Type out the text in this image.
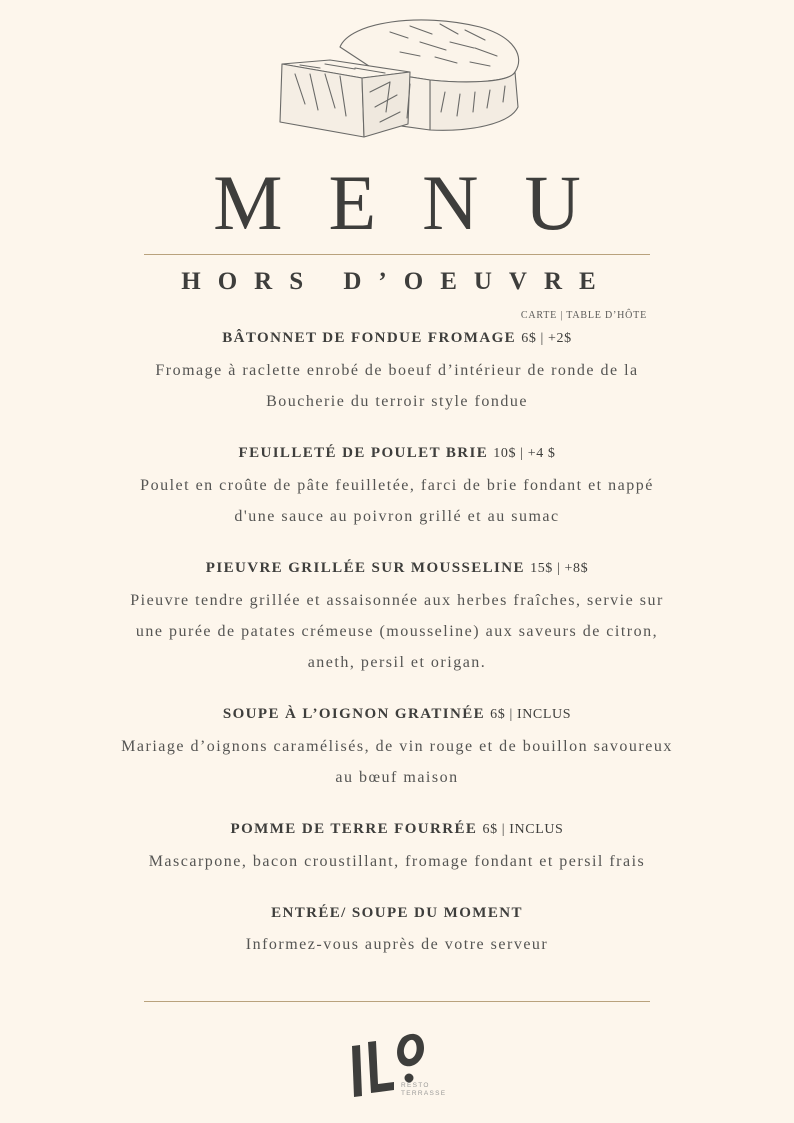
MENU
HORS D’OEUVRE
CARTE | TABLE D’HÔTE
BÂTONNET DE FONDUE FROMAGE 6$ | +2$
Fromage à raclette enrobé de boeuf d’intérieur de ronde de la Boucherie du terroir style fondue
FEUILLETÉ DE POULET BRIE 10$ | +4 $
Poulet en croûte de pâte feuilletée, farci de brie fondant et nappé d'une sauce au poivron grillé et au sumac
PIEUVRE GRILLÉE SUR MOUSSELINE 15$ | +8$
Pieuvre tendre grillée et assaisonnée aux herbes fraîches, servie sur une purée de patates crémeuse (mousseline) aux saveurs de citron, aneth, persil et origan.
SOUPE À L’OIGNON GRATINÉE 6$ | INCLUS
Mariage d’oignons caramélisés, de vin rouge et de bouillon savoureux au bœuf maison
POMME DE TERRE FOURRÉE 6$ | INCLUS
Mascarpone, bacon croustillant, fromage fondant et persil frais
ENTRÉE/ SOUPE DU MOMENT
Informez-vous auprès de votre serveur
RESTO
TERRASSE
